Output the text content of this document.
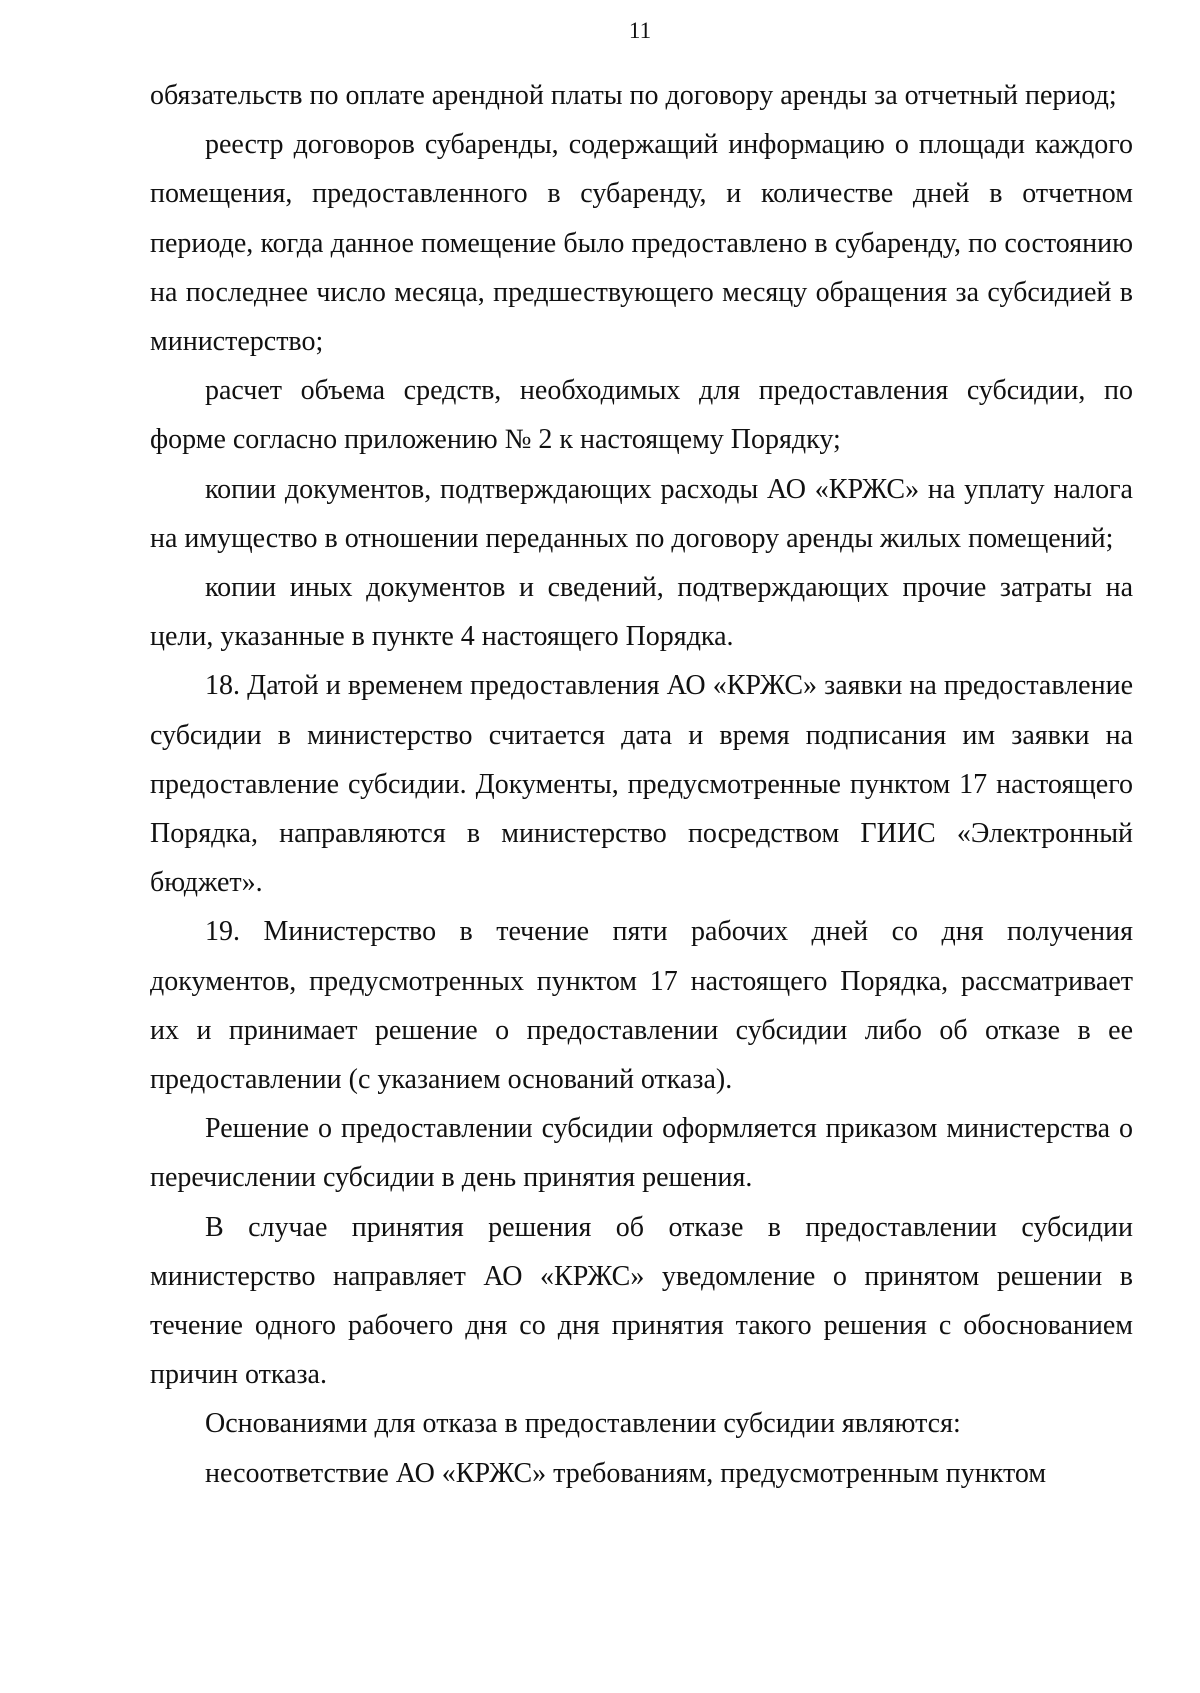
11

обязательств по оплате арендной платы по договору аренды за отчетный период;

реестр договоров субаренды, содержащий информацию о площади каждого помещения, предоставленного в субаренду, и количестве дней в отчетном периоде, когда данное помещение было предоставлено в субаренду, по состоянию на последнее число месяца, предшествующего месяцу обращения за субсидией в министерство;

расчет объема средств, необходимых для предоставления субсидии, по форме согласно приложению № 2 к настоящему Порядку;

копии документов, подтверждающих расходы АО «КРЖС» на уплату налога на имущество в отношении переданных по договору аренды жилых помещений;

копии иных документов и сведений, подтверждающих прочие затраты на цели, указанные в пункте 4 настоящего Порядка.

18. Датой и временем предоставления АО «КРЖС» заявки на предоставление субсидии в министерство считается дата и время подписания им заявки на предоставление субсидии. Документы, предусмотренные пунктом 17 настоящего Порядка, направляются в министерство посредством ГИИС «Электронный бюджет».

19. Министерство в течение пяти рабочих дней со дня получения документов, предусмотренных пунктом 17 настоящего Порядка, рассматривает их и принимает решение о предоставлении субсидии либо об отказе в ее предоставлении (с указанием оснований отказа).

Решение о предоставлении субсидии оформляется приказом министерства о перечислении субсидии в день принятия решения.

В случае принятия решения об отказе в предоставлении субсидии министерство направляет АО «КРЖС» уведомление о принятом решении в течение одного рабочего дня со дня принятия такого решения с обоснованием причин отказа.

Основаниями для отказа в предоставлении субсидии являются:

несоответствие АО «КРЖС» требованиям, предусмотренным пунктом
